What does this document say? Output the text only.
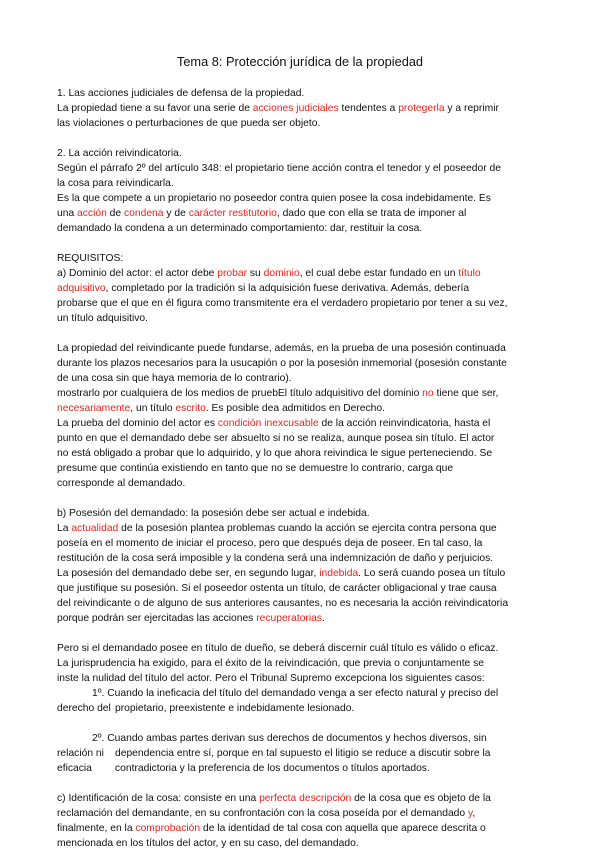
Tema 8: Protección jurídica de la propiedad
1. Las acciones judiciales de defensa de la propiedad.
La propiedad tiene a su favor una serie de acciones judiciales tendentes a protegerla y a reprimir
las violaciones o perturbaciones de que pueda ser objeto.
2. La acción reivindicatoria.
Según el párrafo 2º del artículo 348: el propietario tiene acción contra el tenedor y el poseedor de
la cosa para reivindicarla.
Es la que compete a un propietario no poseedor contra quien posee la cosa indebidamente. Es
una acción de condena y de carácter restitutorio, dado que con ella se trata de imponer al
demandado la condena a un determinado comportamiento: dar, restituir la cosa.
REQUISITOS:
a) Dominio del actor: el actor debe probar su dominio, el cual debe estar fundado en un título
adquisitivo, completado por la tradición si la adquisición fuese derivativa. Además, debería
probarse que el que en él figura como transmitente era el verdadero propietario por tener a su vez,
un título adquisitivo.
La propiedad del reivindicante puede fundarse, además, en la prueba de una posesión continuada
durante los plazos necesarios para la usucapión o por la posesión inmemorial (posesión constante
de una cosa sin que haya memoria de lo contrario).
mostrarlo por cualquiera de los medios de pruebEl título adquisitivo del dominio no tiene que ser,
necesariamente, un título escrito. Es posible dea admitidos en Derecho.
La prueba del dominio del actor es condición inexcusable de la acción reinvindicatoria, hasta el
punto en que el demandado debe ser absuelto si no se realiza, aunque posea sin título. El actor
no está obligado a probar que lo adquirido, y lo que ahora reivindica le sigue perteneciendo. Se
presume que continúa existiendo en tanto que no se demuestre lo contrario, carga que
corresponde al demandado.
b) Posesión del demandado: la posesión debe ser actual e indebida.
La actualidad de la posesión plantea problemas cuando la acción se ejercita contra persona que
poseía en el momento de iniciar el proceso, pero que después deja de poseer. En tal caso, la
restitución de la cosa será imposible y la condena será una indemnización de daño y perjuicios.
La posesión del demandado debe ser, en segundo lugar, indebida. Lo será cuando posea un título
que justifique su posesión. Si el poseedor ostenta un título, de carácter obligacional y trae causa
del reivindicante o de alguno de sus anteriores causantes, no es necesaria la acción reivindicatoria
porque podrán ser ejercitadas las acciones recuperatorias.
Pero si el demandado posee en título de dueño, se deberá discernir cuál título es válido o eficaz.
La jurisprudencia ha exigido, para el éxito de la reivindicación, que previa o conjuntamente se
inste la nulidad del título del actor. Pero el Tribunal Supremo excepciona los siguientes casos:
1º. Cuando la ineficacia del título del demandado venga a ser efecto natural y preciso del
derecho del propietario, preexistente e indebidamente lesionado.
2º. Cuando ambas partes derivan sus derechos de documentos y hechos diversos, sin
relación ni dependencia entre sí, porque en tal supuesto el litigio se reduce a discutir sobre la
eficacia contradictoria y la preferencia de los documentos o títulos aportados.
c) Identificación de la cosa: consiste en una perfecta descripción de la cosa que es objeto de la
reclamación del demandante, en su confrontación con la cosa poseída por el demandado y,
finalmente, en la comprobación de la identidad de tal cosa con aquella que aparece descrita o
mencionada en los títulos del actor, y en su caso, del demandado.
